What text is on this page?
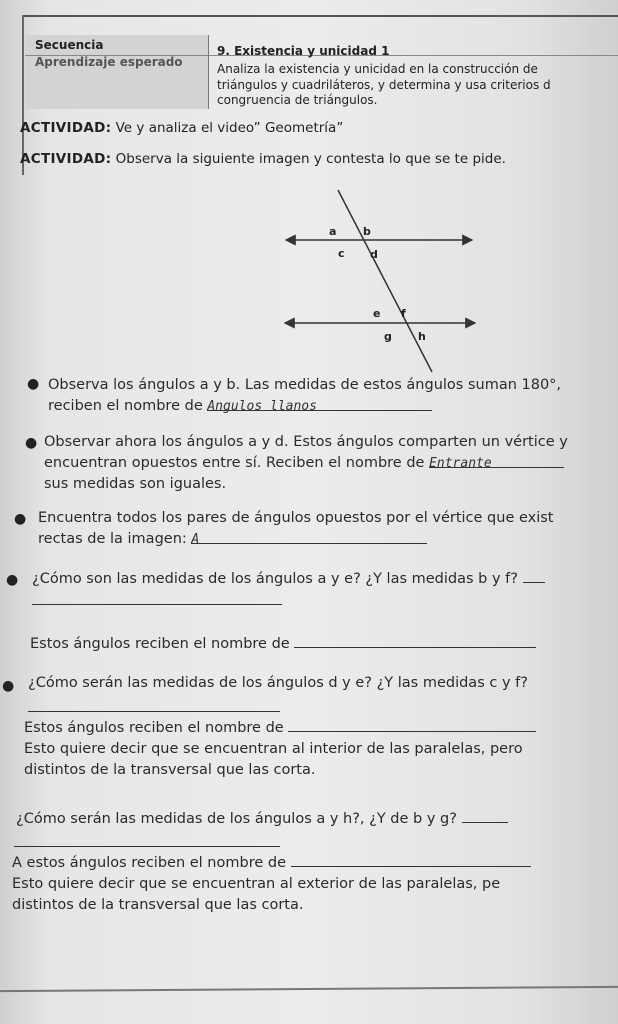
Secuencia
Aprendizaje esperado
9. Existencia y unicidad 1
Analiza la existencia y unicidad en la construcción de
triángulos y cuadriláteros, y determina y usa criterios d
congruencia de triángulos.
ACTIVIDAD: Ve y analiza el video” Geometría”
ACTIVIDAD: Observa la siguiente imagen y contesta lo que se te pide.
a b
c d
e f
g h
● Observa los ángulos a y b. Las medidas de estos ángulos suman 180°,
reciben el nombre de Angulos llanos
● Observar ahora los ángulos a y d. Estos ángulos comparten un vértice y
encuentran opuestos entre sí. Reciben el nombre de Entrante
sus medidas son iguales.
● Encuentra todos los pares de ángulos opuestos por el vértice que exist
rectas de la imagen: A
● ¿Cómo son las medidas de los ángulos a y e? ¿Y las medidas b y f?
Estos ángulos reciben el nombre de
● ¿Cómo serán las medidas de los ángulos d y e? ¿Y las medidas c y f?
Estos ángulos reciben el nombre de
Esto quiere decir que se encuentran al interior de las paralelas, pero
distintos de la transversal que las corta.
¿Cómo serán las medidas de los ángulos a y h?, ¿Y de b y g?
A estos ángulos reciben el nombre de
Esto quiere decir que se encuentran al exterior de las paralelas, pe
distintos de la transversal que las corta.
